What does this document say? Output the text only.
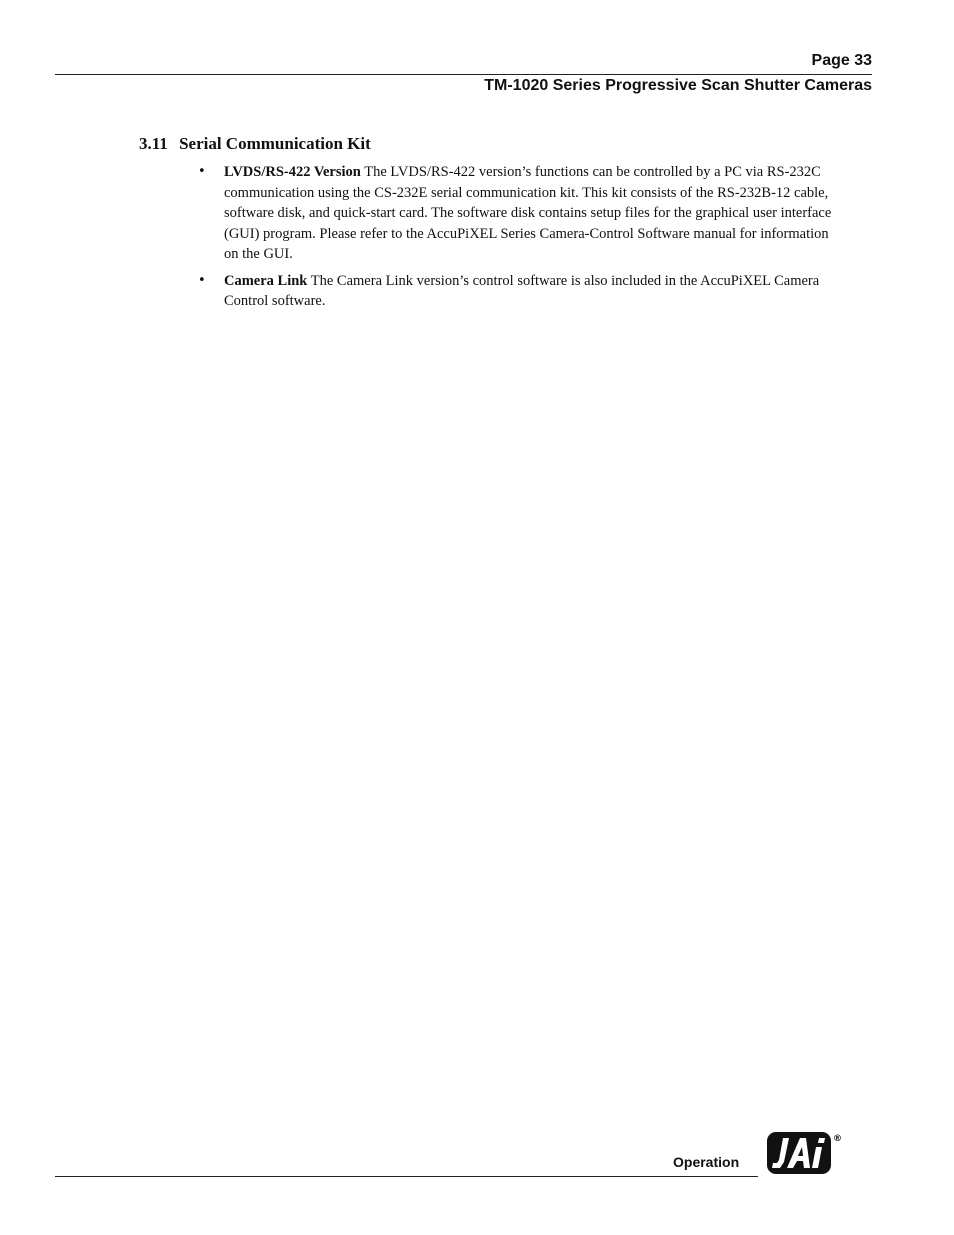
Page 33
TM-1020 Series Progressive Scan Shutter Cameras
3.11 Serial Communication Kit
• LVDS/RS-422 Version The LVDS/RS-422 version’s functions can be controlled by a PC via RS-232C communication using the CS-232E serial communication kit. This kit consists of the RS-232B-12 cable, software disk, and quick-start card. The software disk contains setup files for the graphical user interface (GUI) program. Please refer to the AccuPiXEL Series Camera-Control Software manual for information on the GUI.
• Camera Link The Camera Link version’s control software is also included in the AccuPiXEL Camera Control software.
Operation
®
